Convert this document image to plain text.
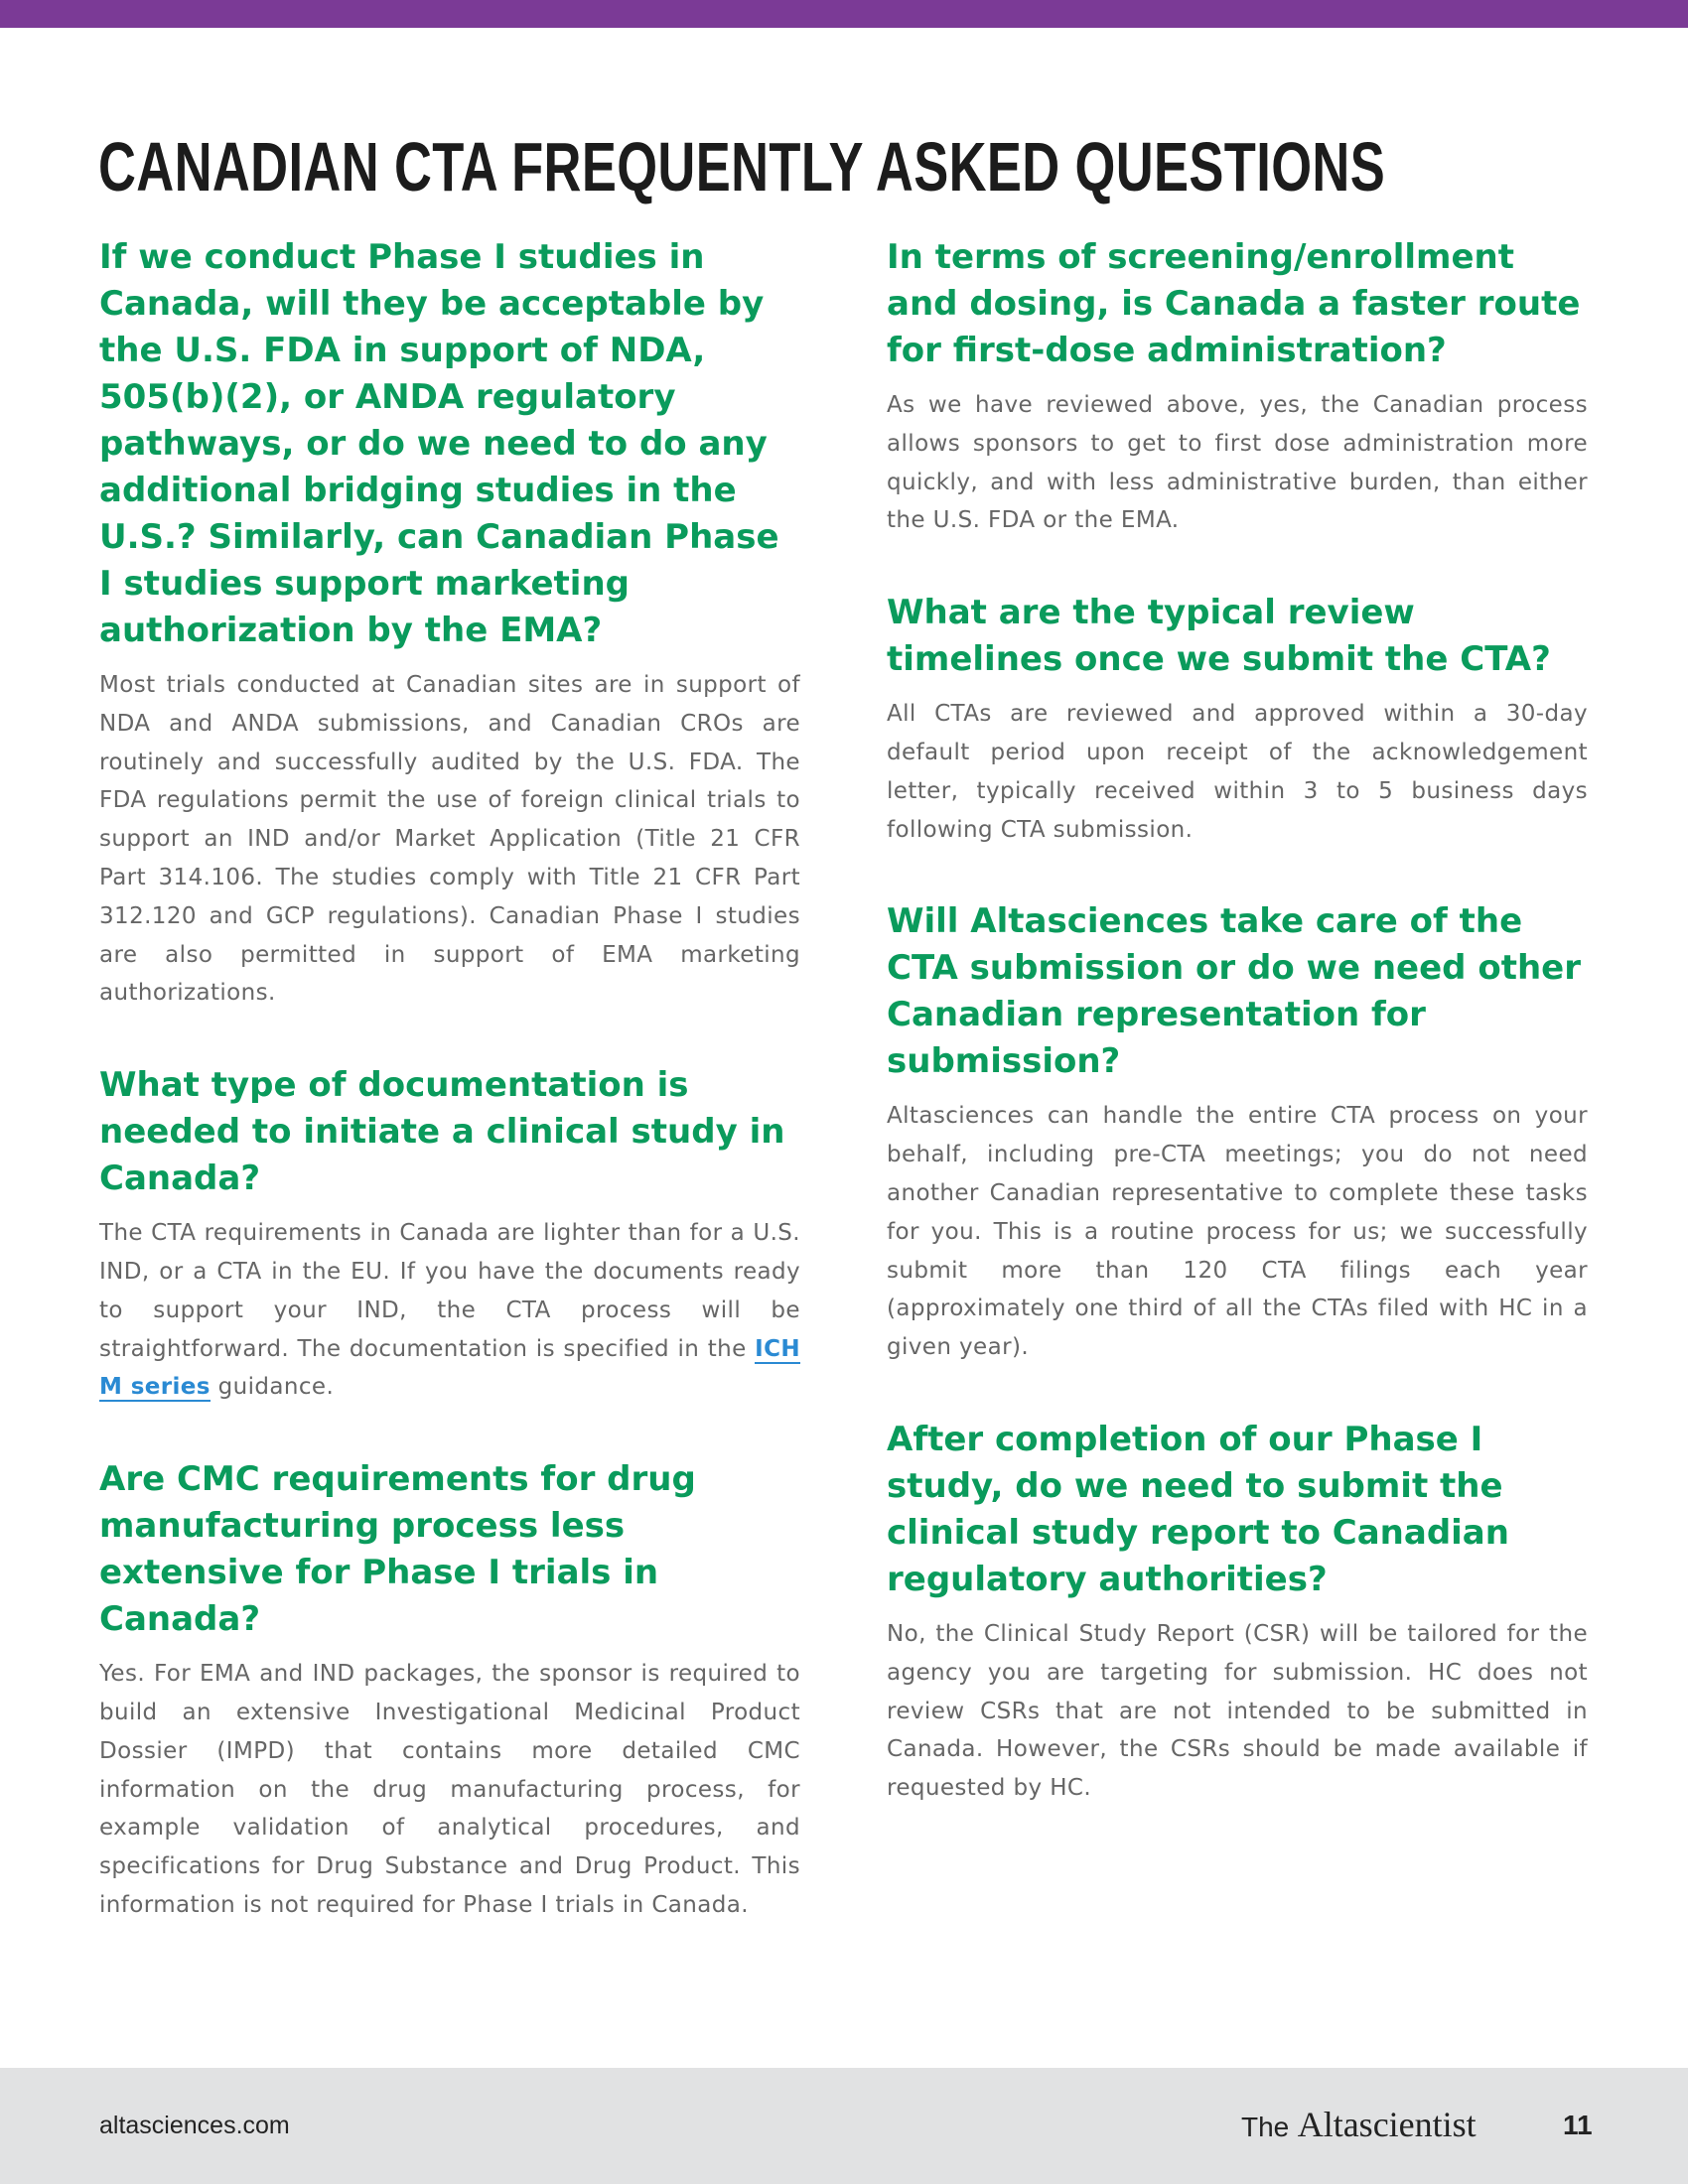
CANADIAN CTA FREQUENTLY ASKED QUESTIONS
If we conduct Phase I studies in Canada, will they be acceptable by the U.S. FDA in support of NDA, 505(b)(2), or ANDA regulatory pathways, or do we need to do any additional bridging studies in the U.S.? Similarly, can Canadian Phase I studies support marketing authorization by the EMA?

Most trials conducted at Canadian sites are in support of NDA and ANDA submissions, and Canadian CROs are routinely and successfully audited by the U.S. FDA. The FDA regulations permit the use of foreign clinical trials to support an IND and/or Market Application (Title 21 CFR Part 314.106. The studies comply with Title 21 CFR Part 312.120 and GCP regulations). Canadian Phase I studies are also permitted in support of EMA marketing authorizations.

What type of documentation is needed to initiate a clinical study in Canada?

The CTA requirements in Canada are lighter than for a U.S. IND, or a CTA in the EU. If you have the documents ready to support your IND, the CTA process will be straightforward. The documentation is specified in the ICH M series guidance.

Are CMC requirements for drug manufacturing process less extensive for Phase I trials in Canada?

Yes. For EMA and IND packages, the sponsor is required to build an extensive Investigational Medicinal Product Dossier (IMPD) that contains more detailed CMC information on the drug manufacturing process, for example validation of analytical procedures, and specifications for Drug Substance and Drug Product. This information is not required for Phase I trials in Canada.

In terms of screening/enrollment and dosing, is Canada a faster route for first-dose administration?

As we have reviewed above, yes, the Canadian process allows sponsors to get to first dose administration more quickly, and with less administrative burden, than either the U.S. FDA or the EMA.

What are the typical review timelines once we submit the CTA?

All CTAs are reviewed and approved within a 30-day default period upon receipt of the acknowledgement letter, typically received within 3 to 5 business days following CTA submission.

Will Altasciences take care of the CTA submission or do we need other Canadian representation for submission?

Altasciences can handle the entire CTA process on your behalf, including pre-CTA meetings; you do not need another Canadian representative to complete these tasks for you. This is a routine process for us; we successfully submit more than 120 CTA filings each year (approximately one third of all the CTAs filed with HC in a given year).

After completion of our Phase I study, do we need to submit the clinical study report to Canadian regulatory authorities?

No, the Clinical Study Report (CSR) will be tailored for the agency you are targeting for submission. HC does not review CSRs that are not intended to be submitted in Canada. However, the CSRs should be made available if requested by HC.

altasciences.com	The Altascientist	11
